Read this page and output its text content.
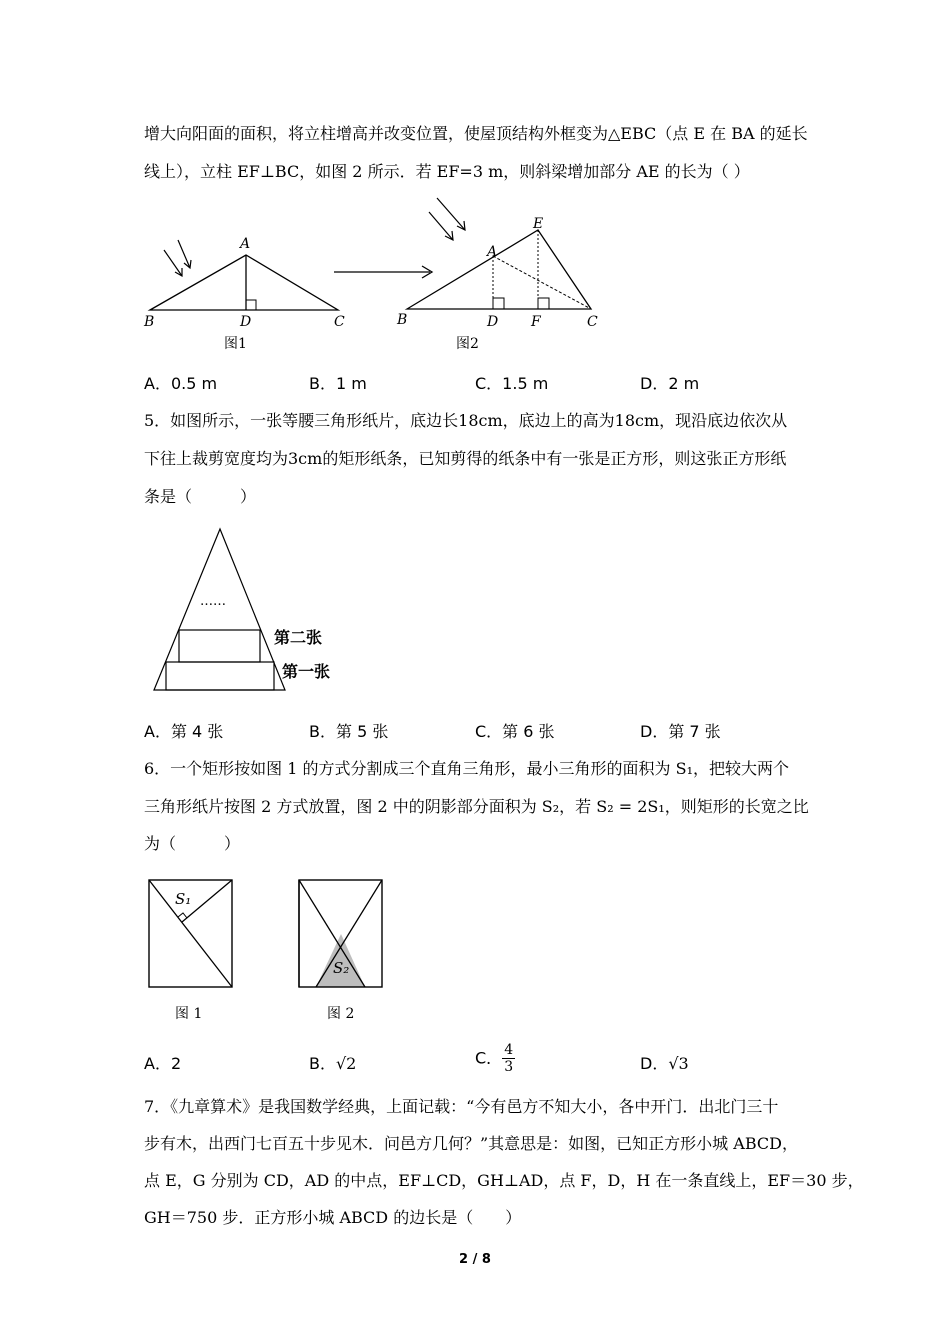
增大向阳面的面积，将立柱增高并改变位置，使屋顶结构外框变为△EBC（点 E 在 BA 的延长
线上），立柱 EF⊥BC，如图 2 所示．若 EF=3 m，则斜梁增加部分 AE 的长为（ ）
A
B	D	C
图1
E
A
B	D F	C
图2
A．0.5 m	B．1 m	C．1.5 m	D．2 m
5．如图所示，一张等腰三角形纸片，底边长18cm，底边上的高为18cm，现沿底边依次从
下往上裁剪宽度均为3cm的矩形纸条，已知剪得的纸条中有一张是正方形，则这张正方形纸
条是（　　　）
……
第二张
第一张
A．第 4 张	B．第 5 张	C．第 6 张	D．第 7 张
6．一个矩形按如图 1 的方式分割成三个直角三角形，最小三角形的面积为 S₁，把较大两个
三角形纸片按图 2 方式放置，图 2 中的阴影部分面积为 S₂，若 S₂ = 2S₁，则矩形的长宽之比
为（　　　）
S₁
图 1
S₂
图 2
A．2	B．√2	C． $\frac{4}{3}$	D．√3
7．《九章算术》是我国数学经典，上面记载：“今有邑方不知大小，各中开门．出北门三十
步有木，出西门七百五十步见木．问邑方几何？”其意思是：如图，已知正方形小城 ABCD，
点 E，G 分别为 CD，AD 的中点，EF⊥CD，GH⊥AD，点 F，D，H 在一条直线上，EF＝30 步，
GH＝750 步．正方形小城 ABCD 的边长是（　　）
2 / 8
